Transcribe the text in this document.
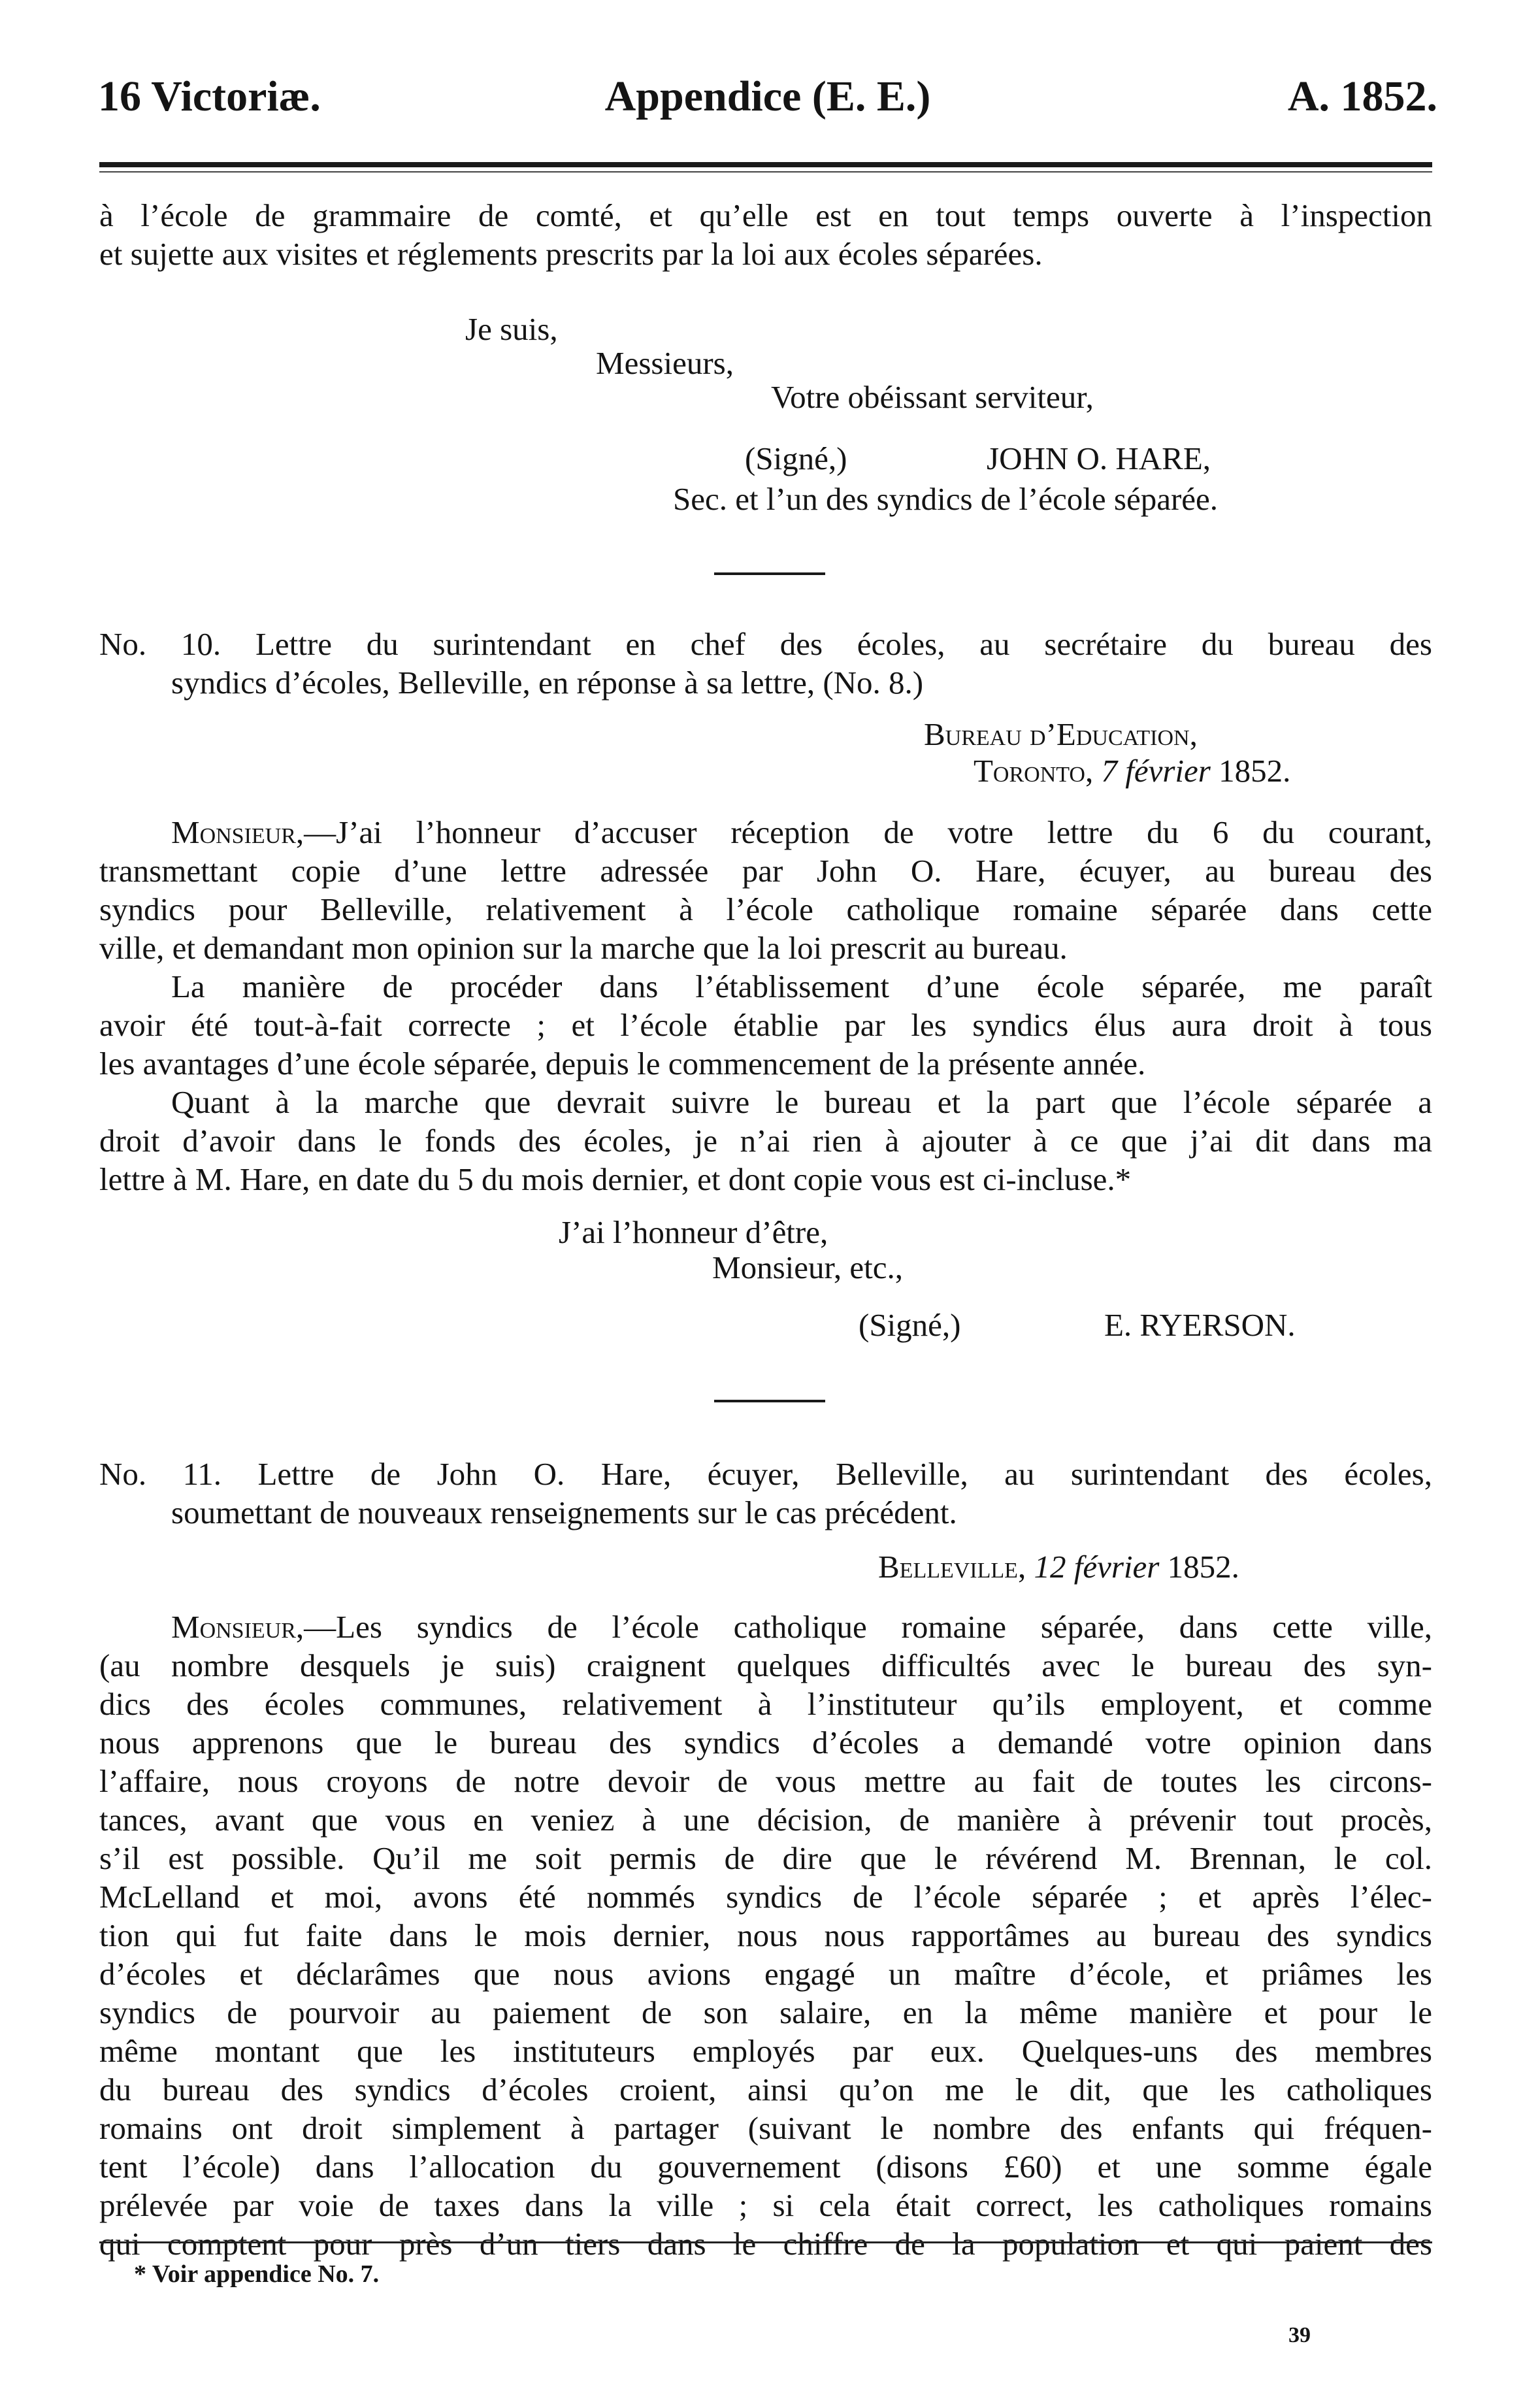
16 Victoriæ.	Appendice (E. E.)	A. 1852.
à l’école de grammaire de comté, et qu’elle est en tout temps ouverte à l’inspection
et sujette aux visites et réglements prescrits par la loi aux écoles séparées.
Je suis,
Messieurs,
Votre obéissant serviteur,
(Signé,)	JOHN O. HARE,
Sec. et l’un des syndics de l’école séparée.
No. 10. Lettre du surintendant en chef des écoles, au secrétaire du bureau des
syndics d’écoles, Belleville, en réponse à sa lettre, (No. 8.)
Bureau d’Education,
Toronto, 7 février 1852.
Monsieur,—J’ai l’honneur d’accuser réception de votre lettre du 6 du courant,
transmettant copie d’une lettre adressée par John O. Hare, écuyer, au bureau des
syndics pour Belleville, relativement à l’école catholique romaine séparée dans cette
ville, et demandant mon opinion sur la marche que la loi prescrit au bureau.
La manière de procéder dans l’établissement d’une école séparée, me paraît
avoir été tout-à-fait correcte ; et l’école établie par les syndics élus aura droit à tous
les avantages d’une école séparée, depuis le commencement de la présente année.
Quant à la marche que devrait suivre le bureau et la part que l’école séparée a
droit d’avoir dans le fonds des écoles, je n’ai rien à ajouter à ce que j’ai dit dans ma
lettre à M. Hare, en date du 5 du mois dernier, et dont copie vous est ci-incluse.*
J’ai l’honneur d’être,
Monsieur, etc.,
(Signé,)	E. RYERSON.
No. 11. Lettre de John O. Hare, écuyer, Belleville, au surintendant des écoles,
soumettant de nouveaux renseignements sur le cas précédent.
Belleville, 12 février 1852.
Monsieur,—Les syndics de l’école catholique romaine séparée, dans cette ville,
(au nombre desquels je suis) craignent quelques difficultés avec le bureau des syn-
dics des écoles communes, relativement à l’instituteur qu’ils employent, et comme
nous apprenons que le bureau des syndics d’écoles a demandé votre opinion dans
l’affaire, nous croyons de notre devoir de vous mettre au fait de toutes les circons-
tances, avant que vous en veniez à une décision, de manière à prévenir tout procès,
s’il est possible. Qu’il me soit permis de dire que le révérend M. Brennan, le col.
McLelland et moi, avons été nommés syndics de l’école séparée ; et après l’élec-
tion qui fut faite dans le mois dernier, nous nous rapportâmes au bureau des syndics
d’écoles et déclarâmes que nous avions engagé un maître d’école, et priâmes les
syndics de pourvoir au paiement de son salaire, en la même manière et pour le
même montant que les instituteurs employés par eux. Quelques-uns des membres
du bureau des syndics d’écoles croient, ainsi qu’on me le dit, que les catholiques
romains ont droit simplement à partager (suivant le nombre des enfants qui fréquen-
tent l’école) dans l’allocation du gouvernement (disons £60) et une somme égale
prélevée par voie de taxes dans la ville ; si cela était correct, les catholiques romains
qui comptent pour près d’un tiers dans le chiffre de la population et qui paient des
* Voir appendice No. 7.
39
